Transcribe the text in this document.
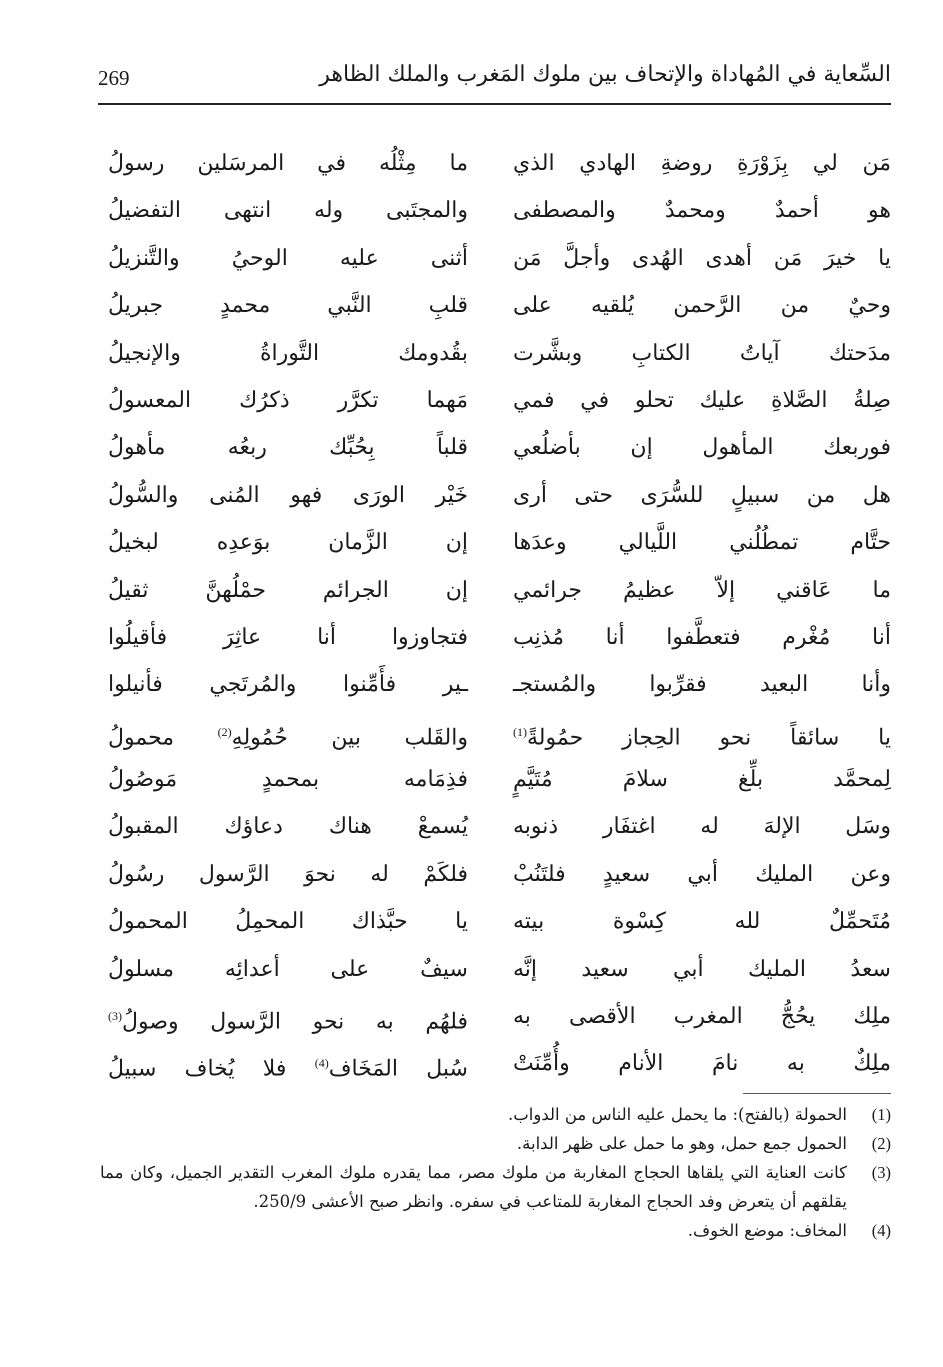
السِّعاية في المُهاداة والإتحاف بين ملوك المَغرب والملك الظاهر
269
مَن لي بِزَوْرَةِ روضةِ الهادي الذي
هو أحمدٌ ومحمدٌ والمصطفى
يا خيرَ مَن أهدى الهُدى وأجلَّ مَن
وحيٌ من الرَّحمن يُلقيه على
مدَحتك آياتُ الكتابِ وبشَّرت
صِلةُ الصَّلاةِ عليك تحلو في فمي
فوربعك المأهول إن بأضلُعي
هل من سبيلٍ للسُّرَى حتى أرى
حتَّام تمطُلُني اللَّيالي وعدَها
ما عَاقني إلاّ عظيمُ جرائمي
أنا مُغْرم فتعطَّفوا أنا مُذنِب
وأنا البعيد فقرِّبوا والمُستجـ
يا سائقاً نحو الحِجاز حمُولةً$^{(1)}$
لِمحمَّد بلِّغ سلامَ مُتَيَّمٍ
وسَل الإلهَ له اغتفَار ذنوبه
وعن المليك أبي سعيدٍ فلتَنُبْ
مُتَحمِّلٌ لله كِسْوة بيته
سعدُ المليك أبي سعيد إنَّه
ملِك يحُجُّ المغرب الأقصى به
ملِكٌ به نامَ الأنام وأُمِّنَتْ
ما مِثْلُه في المرسَلين رسولُ
والمجتَبى وله انتهى التفضيلُ
أثنى عليه الوحيُ والتَّنزيلُ
قلبِ النَّبي محمدٍ جبريلُ
بقُدومك التَّوراةُ والإنجيلُ
مَهما تكرَّر ذكرُك المعسولُ
قلباً بِحُبِّك ربعُه مأهولُ
خَيْر الورَى فهو المُنى والسُّولُ
إن الزَّمان بوَعدِه لبخيلُ
إن الجرائم حمْلُهنَّ ثقيلُ
فتجاوزوا أنا عاثِرَ فأقيلُوا
ـير فأَمِّنوا والمُرتَجي فأنيلوا
والقَلب بين حُمُولِهِ$^{(2)}$ محمولُ
فذِمَامه بمحمدٍ مَوصُولُ
يُسمعْ هناك دعاؤك المقبولُ
فلكَمْ له نحوَ الرَّسول رسُولُ
يا حبَّذاك المحمِلُ المحمولُ
سيفٌ على أعدائِه مسلولُ
فلهُم به نحو الرَّسول وصولُ$^{(3)}$
سُبل المَخَاف$^{(4)}$ فلا يُخاف سبيلُ
(1)
الحمولة (بالفتح): ما يحمل عليه الناس من الدواب.
(2)
الحمول جمع حمل، وهو ما حمل على ظهر الدابة.
(3)
كانت العناية التي يلقاها الحجاج المغاربة من ملوك مصر، مما يقدره ملوك المغرب التقدير الجميل، وكان مما يقلقهم أن يتعرض وفد الحجاج المغاربة للمتاعب في سفره. وانظر صبح الأعشى 250/9.
(4)
المخاف: موضع الخوف.
